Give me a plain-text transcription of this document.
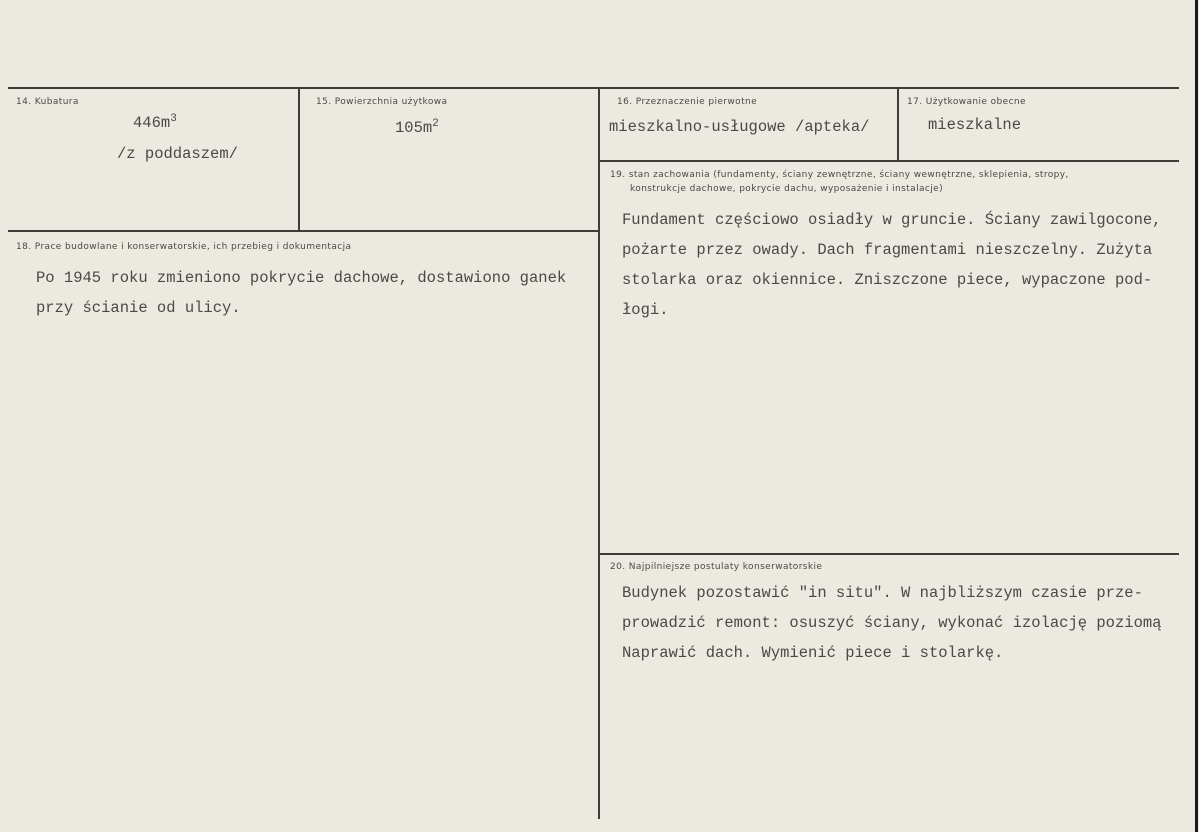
14. Kubatura
$446m^3$
/z poddaszem/
15. Powierzchnia użytkowa
$105m^2$
16. Przeznaczenie pierwotne
mieszkalno-usługowe /apteka/
17. Użytkowanie obecne
mieszkalne
18. Prace budowlane i konserwatorskie, ich przebieg i dokumentacja
Po 1945 roku zmieniono pokrycie dachowe, dostawiono ganek
przy ścianie od ulicy.
19. stan zachowania (fundamenty, ściany zewnętrzne, ściany wewnętrzne, sklepienia, stropy,
konstrukcje dachowe, pokrycie dachu, wyposażenie i instalacje)
Fundament częściowo osiadły w gruncie. Ściany zawilgocone,
pożarte przez owady. Dach fragmentami nieszczelny. Zużyta
stolarka oraz okiennice. Zniszczone piece, wypaczone pod-
łogi.
20. Najpilniejsze postulaty konserwatorskie
Budynek pozostawić "in situ". W najbliższym czasie prze-
prowadzić remont: osuszyć ściany, wykonać izolację poziomą
Naprawić dach. Wymienić piece i stolarkę.
